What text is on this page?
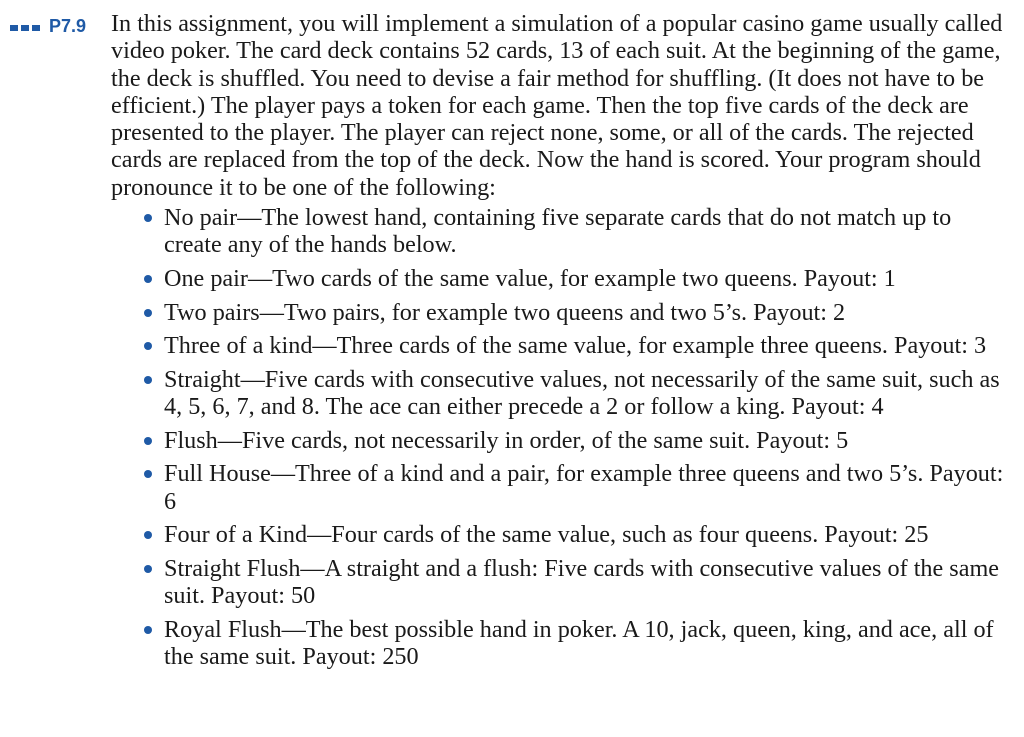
P7.9	In this assignment, you will implement a simulation of a popular casino game usually called video poker. The card deck contains 52 cards, 13 of each suit. At the beginning of the game, the deck is shuffled. You need to devise a fair method for shuffling. (It does not have to be efficient.) The player pays a token for each game. Then the top five cards of the deck are presented to the player. The player can reject none, some, or all of the cards. The rejected cards are replaced from the top of the deck. Now the hand is scored. Your program should pronounce it to be one of the following:

No pair—The lowest hand, containing five separate cards that do not match up to create any of the hands below.
One pair—Two cards of the same value, for example two queens. Payout: 1
Two pairs—Two pairs, for example two queens and two 5’s. Payout: 2
Three of a kind—Three cards of the same value, for example three queens. Payout: 3
Straight—Five cards with consecutive values, not necessarily of the same suit, such as 4, 5, 6, 7, and 8. The ace can either precede a 2 or follow a king. Payout: 4
Flush—Five cards, not necessarily in order, of the same suit. Payout: 5
Full House—Three of a kind and a pair, for example three queens and two 5’s. Payout: 6
Four of a Kind—Four cards of the same value, such as four queens. Payout: 25
Straight Flush—A straight and a flush: Five cards with consecutive values of the same suit. Payout: 50
Royal Flush—The best possible hand in poker. A 10, jack, queen, king, and ace, all of the same suit. Payout: 250
